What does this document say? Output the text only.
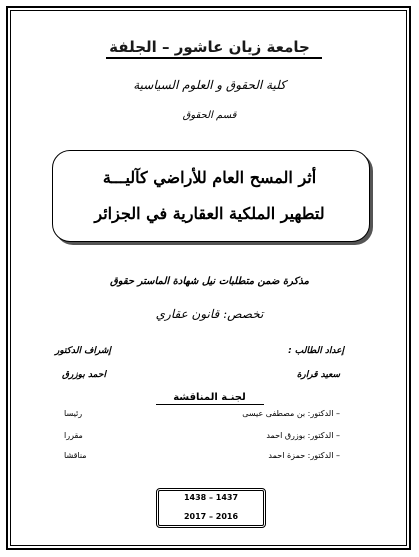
جامعة زيان عاشور – الجلفة
كلية الحقوق و العلوم السياسية
قسم الحقوق
أثر المسح العام للأراضي كآليـــة
لتطهير الملكية العقارية في الجزائر
مذكرة ضمن متطلبات نيل شهادة الماستر حقوق
تخصص: قانون عقاري
إعداد الطالب :
إشراف الدكتور
سعيد قرارة
احمد بوزرق
لجنـة المناقشة
– الدكتور: بن مصطفى عيسى
رئيسا
– الدكتور: بوزرق احمد
مقررا
– الدكتور: حمزة احمد
مناقشا
1438 – 1437
2017 – 2016
